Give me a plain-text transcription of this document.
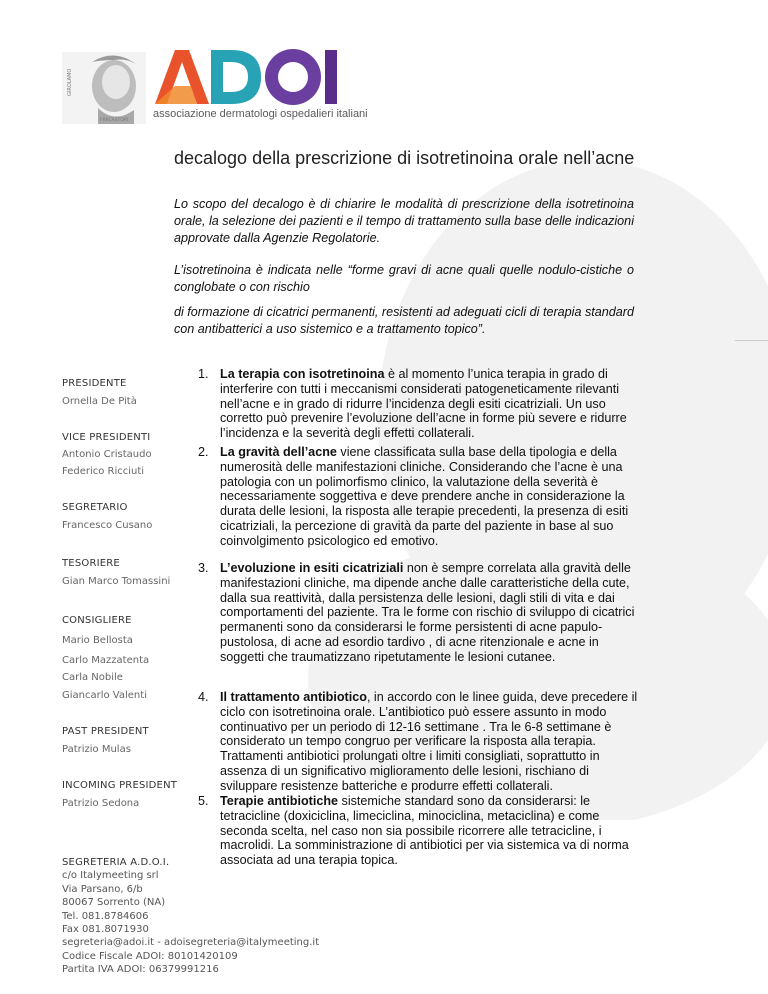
GIROLAMO
FRACASTORI
associazione dermatologi ospedalieri italiani
decalogo della prescrizione di isotretinoina orale nell’acne

Lo scopo del decalogo è di chiarire le modalità di prescrizione della isotretinoina orale, la selezione dei pazienti e il tempo di trattamento sulla base delle indicazioni approvate dalla Agenzie Regolatorie.

L’isotretinoina è indicata nelle “forme gravi di acne quali quelle nodulo-cistiche o conglobate o con rischio

di formazione di cicatrici permanenti, resistenti ad adeguati cicli di terapia standard con antibatterici a uso sistemico e a trattamento topico”.

PRESIDENTE
Ornella De Pità
VICE PRESIDENTI
Antonio Cristaudo
Federico Ricciuti
SEGRETARIO
Francesco Cusano
TESORIERE
Gian Marco Tomassini
CONSIGLIERE
Mario Bellosta
Carlo Mazzatenta
Carla Nobile
Giancarlo Valenti
PAST PRESIDENT
Patrizio Mulas
INCOMING PRESIDENT
Patrizio Sedona
1. La terapia con isotretinoina è al momento l’unica terapia in grado di interferire con tutti i meccanismi considerati patogeneticamente rilevanti nell’acne e in grado di ridurre l’incidenza degli esiti cicatriziali. Un uso corretto può prevenire l’evoluzione dell’acne in forme più severe e ridurre l’incidenza e la severità degli effetti collaterali.
2. La gravità dell’acne viene classificata sulla base della tipologia e della numerosità delle manifestazioni cliniche. Considerando che l’acne è una patologia con un polimorfismo clinico, la valutazione della severità è necessariamente soggettiva e deve prendere anche in considerazione la durata delle lesioni, la risposta alle terapie precedenti, la presenza di esiti cicatriziali, la percezione di gravità da parte del paziente in base al suo coinvolgimento psicologico ed emotivo.
3. L’evoluzione in esiti cicatriziali non è sempre correlata alla gravità delle manifestazioni cliniche, ma dipende anche dalle caratteristiche della cute, dalla sua reattività, dalla persistenza delle lesioni, dagli stili di vita e dai comportamenti del paziente. Tra le forme con rischio di sviluppo di cicatrici permanenti sono da considerarsi le forme persistenti di acne papulo-pustolosa, di acne ad esordio tardivo , di acne ritenzionale e acne in soggetti che traumatizzano ripetutamente le lesioni cutanee.
4. Il trattamento antibiotico, in accordo con le linee guida, deve precedere il ciclo con isotretinoina orale. L’antibiotico può essere assunto in modo continuativo per un periodo di 12-16 settimane . Tra le 6-8 settimane è considerato un tempo congruo per verificare la risposta alla terapia. Trattamenti antibiotici prolungati oltre i limiti consigliati, soprattutto in assenza di un significativo miglioramento delle lesioni, rischiano di sviluppare resistenze batteriche e produrre effetti collaterali.
5. Terapie antibiotiche sistemiche standard sono da considerarsi: le tetracicline (doxiciclina, limeciclina, minociclina, metaciclina) e come seconda scelta, nel caso non sia possibile ricorrere alle tetracicline, i macrolidi. La somministrazione di antibiotici per via sistemica va di norma associata ad una terapia topica.
SEGRETERIA A.D.O.I.
c/o Italymeeting srl
Via Parsano, 6/b
80067 Sorrento (NA)
Tel. 081.8784606
Fax 081.8071930
segreteria@adoi.it - adoisegreteria@italymeeting.it
Codice Fiscale ADOI: 80101420109
Partita IVA ADOI: 06379991216
